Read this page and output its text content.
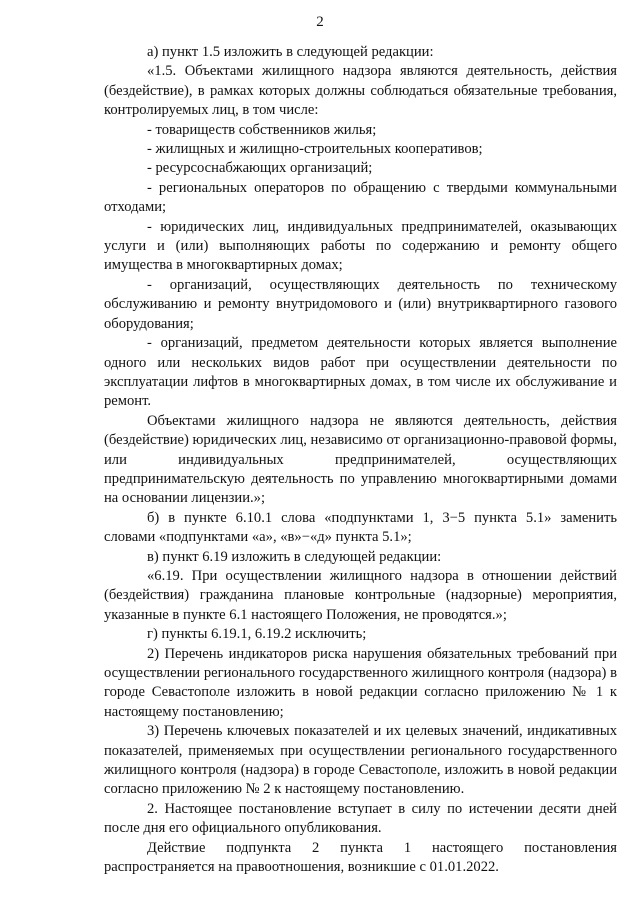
2

а) пункт 1.5 изложить в следующей редакции:

«1.5. Объектами жилищного надзора являются деятельность, действия (бездействие), в рамках которых должны соблюдаться обязательные требования, контролируемых лиц, в том числе:

- товариществ собственников жилья;

- жилищных и жилищно-строительных кооперативов;

- ресурсоснабжающих организаций;

- региональных операторов по обращению с твердыми коммунальными отходами;

- юридических лиц, индивидуальных предпринимателей, оказывающих услуги и (или) выполняющих работы по содержанию и ремонту общего имущества в многоквартирных домах;

- организаций, осуществляющих деятельность по техническому обслуживанию и ремонту внутридомового и (или) внутриквартирного газового оборудования;

- организаций, предметом деятельности которых является выполнение одного или нескольких видов работ при осуществлении деятельности по эксплуатации лифтов в многоквартирных домах, в том числе их обслуживание и ремонт.

Объектами жилищного надзора не являются деятельность, действия (бездействие) юридических лиц, независимо от организационно-правовой формы, или индивидуальных предпринимателей, осуществляющих предпринимательскую деятельность по управлению многоквартирными домами на основании лицензии.»;

б) в пункте 6.10.1 слова «подпунктами 1, 3−5 пункта 5.1» заменить словами «подпунктами «а», «в»−«д» пункта 5.1»;

в) пункт 6.19 изложить в следующей редакции:

«6.19. При осуществлении жилищного надзора в отношении действий (бездействия) гражданина плановые контрольные (надзорные) мероприятия, указанные в пункте 6.1 настоящего Положения, не проводятся.»;

г) пункты 6.19.1, 6.19.2 исключить;

2) Перечень индикаторов риска нарушения обязательных требований при осуществлении регионального государственного жилищного контроля (надзора) в городе Севастополе изложить в новой редакции согласно приложению № 1 к настоящему постановлению;

3) Перечень ключевых показателей и их целевых значений, индикативных показателей, применяемых при осуществлении регионального государственного жилищного контроля (надзора) в городе Севастополе, изложить в новой редакции согласно приложению № 2 к настоящему постановлению.

2. Настоящее постановление вступает в силу по истечении десяти дней после дня его официального опубликования.

Действие подпункта 2 пункта 1 настоящего постановления распространяется на правоотношения, возникшие с 01.01.2022.
